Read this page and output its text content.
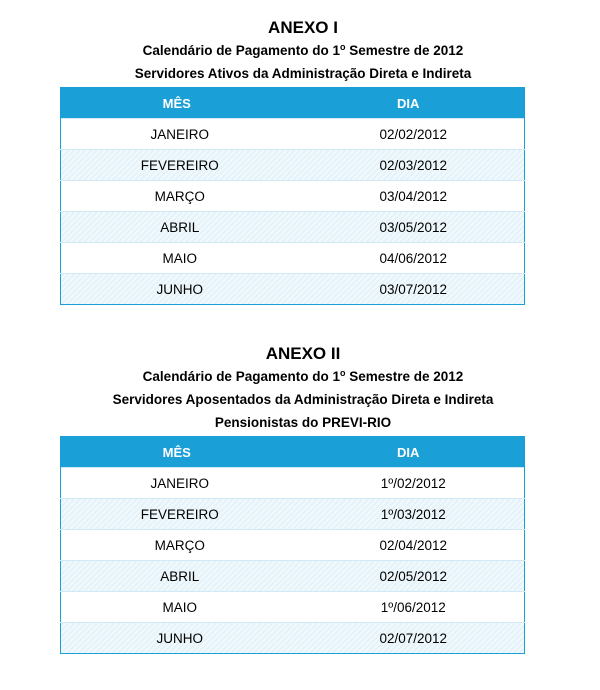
ANEXO I
Calendário de Pagamento do 1$^o$ Semestre de 2012
Servidores Ativos da Administração Direta e Indireta
MÊS	DIA
JANEIRO	02/02/2012
FEVEREIRO	02/03/2012
MARÇO	03/04/2012
ABRIL	03/05/2012
MAIO	04/06/2012
JUNHO	03/07/2012
ANEXO II
Calendário de Pagamento do 1$^o$ Semestre de 2012
Servidores Aposentados da Administração Direta e Indireta
Pensionistas do PREVI-RIO
MÊS	DIA
JANEIRO	1º/02/2012
FEVEREIRO	1º/03/2012
MARÇO	02/04/2012
ABRIL	02/05/2012
MAIO	1º/06/2012
JUNHO	02/07/2012
